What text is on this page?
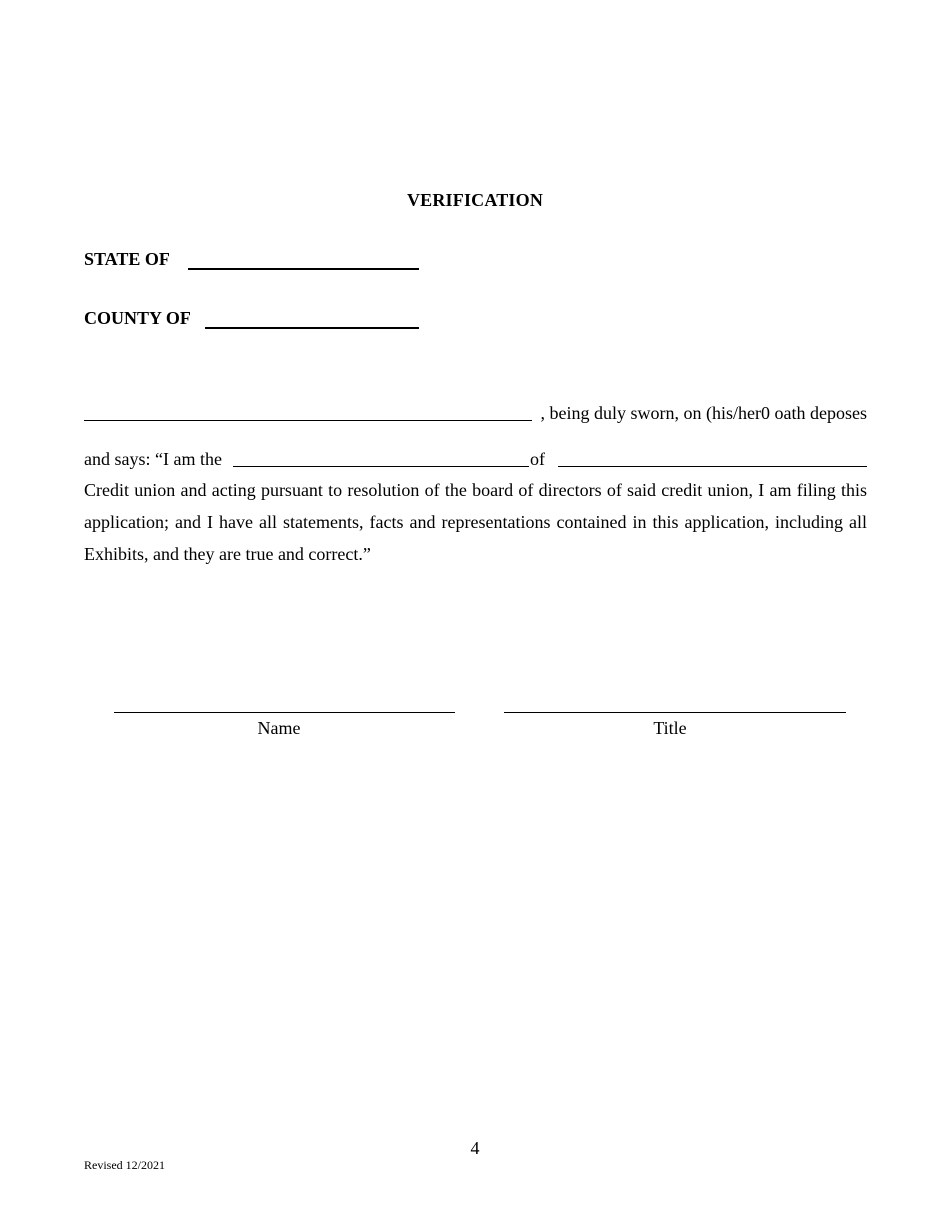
VERIFICATION
STATE OF
COUNTY OF
, being duly sworn, on (his/her0 oath deposes
and says: “I am the	of
Credit union and acting pursuant to resolution of the board of directors of said credit union, I am filing this application; and I have all statements, facts and representations contained in this application, including all Exhibits, and they are true and correct.”
Name	Title
4
Revised 12/2021
